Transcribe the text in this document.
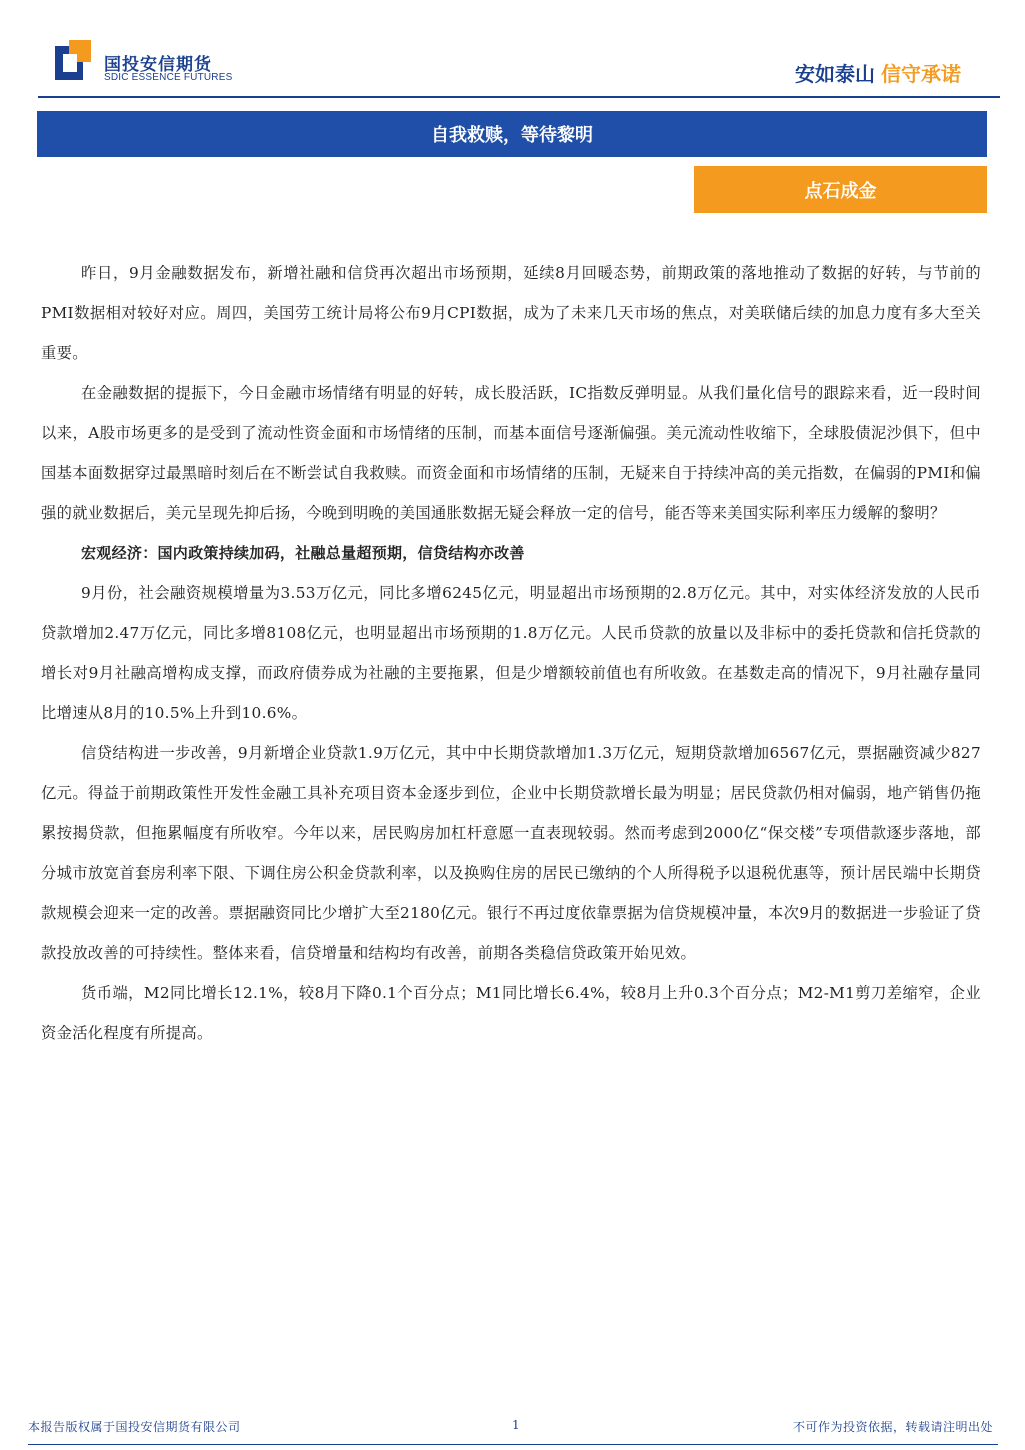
国投安信期货
SDIC ESSENCE FUTURES	安如泰山 信守承诺
自我救赎，等待黎明
点石成金

昨日，9月金融数据发布，新增社融和信贷再次超出市场预期，延续8月回暖态势，前期政策的落地推动了数据的好转，与节前的PMI数据相对较好对应。周四，美国劳工统计局将公布9月CPI数据，成为了未来几天市场的焦点，对美联储后续的加息力度有多大至关重要。

在金融数据的提振下，今日金融市场情绪有明显的好转，成长股活跃，IC指数反弹明显。从我们量化信号的跟踪来看，近一段时间以来，A股市场更多的是受到了流动性资金面和市场情绪的压制，而基本面信号逐渐偏强。美元流动性收缩下，全球股债泥沙俱下，但中国基本面数据穿过最黑暗时刻后在不断尝试自我救赎。而资金面和市场情绪的压制，无疑来自于持续冲高的美元指数，在偏弱的PMI和偏强的就业数据后，美元呈现先抑后扬，今晚到明晚的美国通胀数据无疑会释放一定的信号，能否等来美国实际利率压力缓解的黎明？

宏观经济：国内政策持续加码，社融总量超预期，信贷结构亦改善

9月份，社会融资规模增量为3.53万亿元，同比多增6245亿元，明显超出市场预期的2.8万亿元。其中，对实体经济发放的人民币贷款增加2.47万亿元，同比多增8108亿元，也明显超出市场预期的1.8万亿元。人民币贷款的放量以及非标中的委托贷款和信托贷款的增长对9月社融高增构成支撑，而政府债券成为社融的主要拖累，但是少增额较前值也有所收敛。在基数走高的情况下，9月社融存量同比增速从8月的10.5%上升到10.6%。

信贷结构进一步改善，9月新增企业贷款1.9万亿元，其中中长期贷款增加1.3万亿元，短期贷款增加6567亿元，票据融资减少827亿元。得益于前期政策性开发性金融工具补充项目资本金逐步到位，企业中长期贷款增长最为明显；居民贷款仍相对偏弱，地产销售仍拖累按揭贷款，但拖累幅度有所收窄。今年以来，居民购房加杠杆意愿一直表现较弱。然而考虑到2000亿“保交楼”专项借款逐步落地，部分城市放宽首套房利率下限、下调住房公积金贷款利率，以及换购住房的居民已缴纳的个人所得税予以退税优惠等，预计居民端中长期贷款规模会迎来一定的改善。票据融资同比少增扩大至2180亿元。银行不再过度依靠票据为信贷规模冲量，本次9月的数据进一步验证了贷款投放改善的可持续性。整体来看，信贷增量和结构均有改善，前期各类稳信贷政策开始见效。

货币端，M2同比增长12.1%，较8月下降0.1个百分点；M1同比增长6.4%，较8月上升0.3个百分点；M2-M1剪刀差缩窄，企业资金活化程度有所提高。

本报告版权属于国投安信期货有限公司	1	不可作为投资依据，转载请注明出处
